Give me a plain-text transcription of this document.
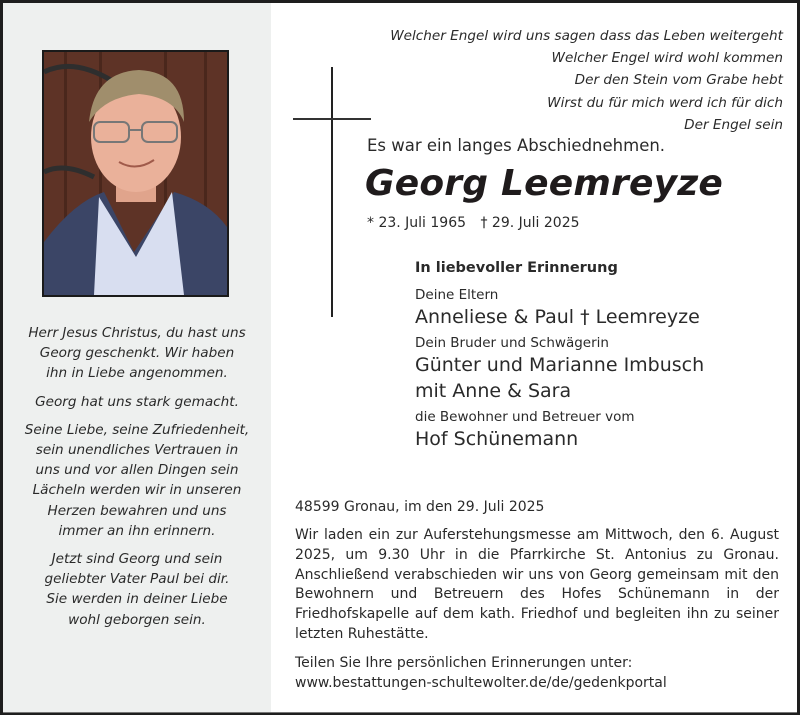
Herr Jesus Christus, du hast uns
Georg geschenkt. Wir haben
ihn in Liebe angenommen.

Georg hat uns stark gemacht.

Seine Liebe, seine Zufriedenheit,
sein unendliches Vertrauen in
uns und vor allen Dingen sein
Lächeln werden wir in unseren
Herzen bewahren und uns
immer an ihn erinnern.

Jetzt sind Georg und sein
geliebter Vater Paul bei dir.
Sie werden in deiner Liebe
wohl geborgen sein.

Welcher Engel wird uns sagen dass das Leben weitergeht
Welcher Engel wird wohl kommen
Der den Stein vom Grabe hebt
Wirst du für mich werd ich für dich
Der Engel sein
Es war ein langes Abschiednehmen.
Georg Leemreyze
* 23. Juli 1965 † 29. Juli 2025
In liebevoller Erinnerung
Deine Eltern
Anneliese & Paul † Leemreyze
Dein Bruder und Schwägerin
Günter und Marianne Imbusch
mit Anne & Sara
die Bewohner und Betreuer vom
Hof Schünemann
48599 Gronau, im den 29. Juli 2025
Wir laden ein zur Auferstehungsmesse am Mittwoch, den 6. August 2025, um 9.30 Uhr in die Pfarrkirche St. Antonius zu Gronau. Anschließend verabschieden wir uns von Georg gemeinsam mit den Bewohnern und Betreuern des Hofes Schünemann in der Friedhofskapelle auf dem kath. Friedhof und begleiten ihn zu seiner letzten Ruhestätte.
Teilen Sie Ihre persönlichen Erinnerungen unter:
www.bestattungen-schultewolter.de/de/gedenkportal
